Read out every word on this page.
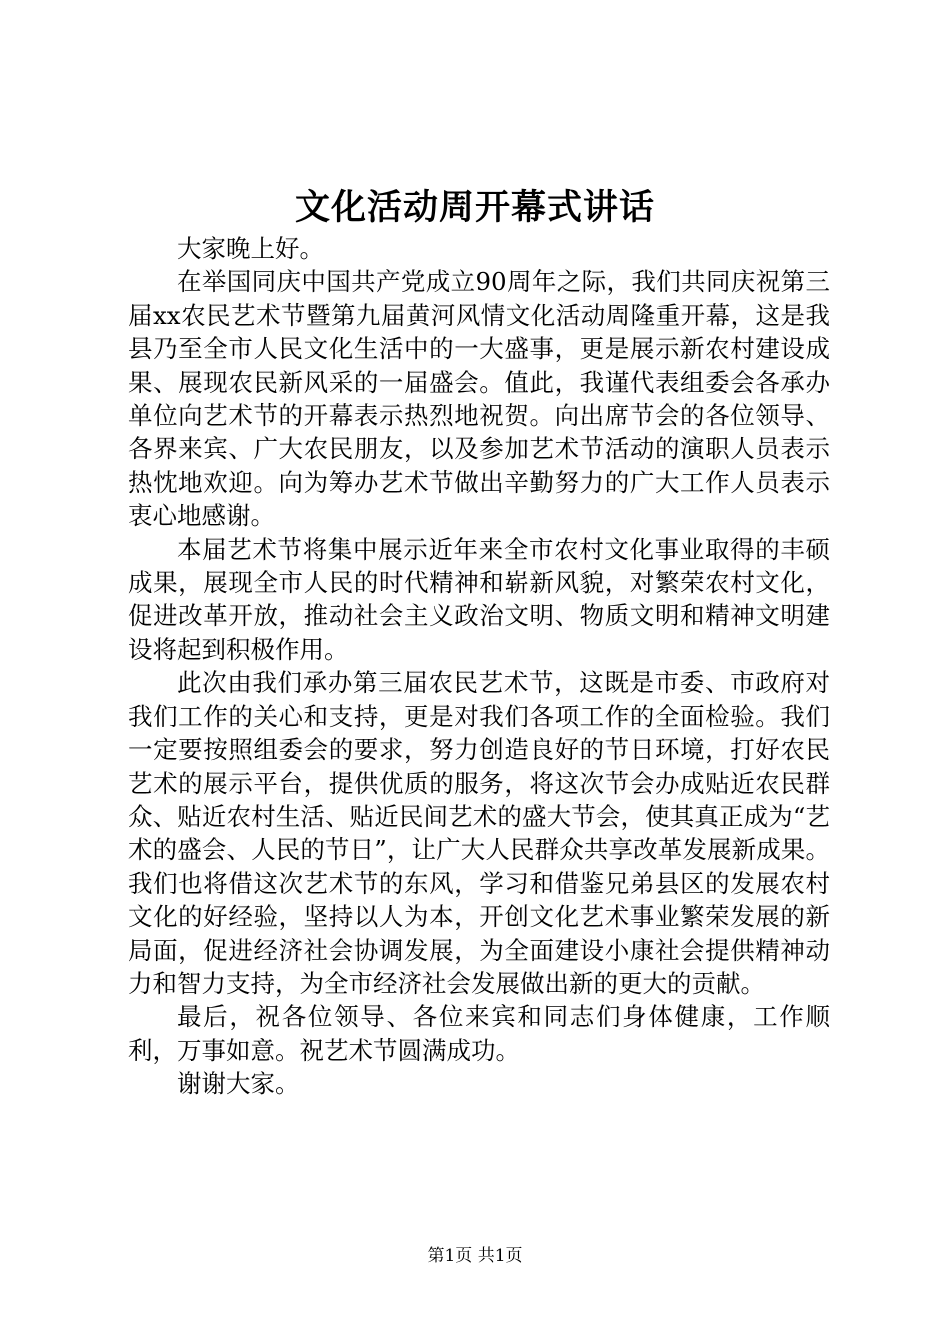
文化活动周开幕式讲话

大家晚上好。

在举国同庆中国共产党成立90周年之际，我们共同庆祝第三届xx农民艺术节暨第九届黄河风情文化活动周隆重开幕，这是我县乃至全市人民文化生活中的一大盛事，更是展示新农村建设成果、展现农民新风采的一届盛会。值此，我谨代表组委会各承办单位向艺术节的开幕表示热烈地祝贺。向出席节会的各位领导、各界来宾、广大农民朋友，以及参加艺术节活动的演职人员表示热忱地欢迎。向为筹办艺术节做出辛勤努力的广大工作人员表示衷心地感谢。

本届艺术节将集中展示近年来全市农村文化事业取得的丰硕成果，展现全市人民的时代精神和崭新风貌，对繁荣农村文化，促进改革开放，推动社会主义政治文明、物质文明和精神文明建设将起到积极作用。

此次由我们承办第三届农民艺术节，这既是市委、市政府对我们工作的关心和支持，更是对我们各项工作的全面检验。我们一定要按照组委会的要求，努力创造良好的节日环境，打好农民艺术的展示平台，提供优质的服务，将这次节会办成贴近农民群众、贴近农村生活、贴近民间艺术的盛大节会，使其真正成为“艺术的盛会、人民的节日”，让广大人民群众共享改革发展新成果。我们也将借这次艺术节的东风，学习和借鉴兄弟县区的发展农村文化的好经验，坚持以人为本，开创文化艺术事业繁荣发展的新局面，促进经济社会协调发展，为全面建设小康社会提供精神动力和智力支持，为全市经济社会发展做出新的更大的贡献。

最后，祝各位领导、各位来宾和同志们身体健康，工作顺利，万事如意。祝艺术节圆满成功。

谢谢大家。

第1页 共1页
